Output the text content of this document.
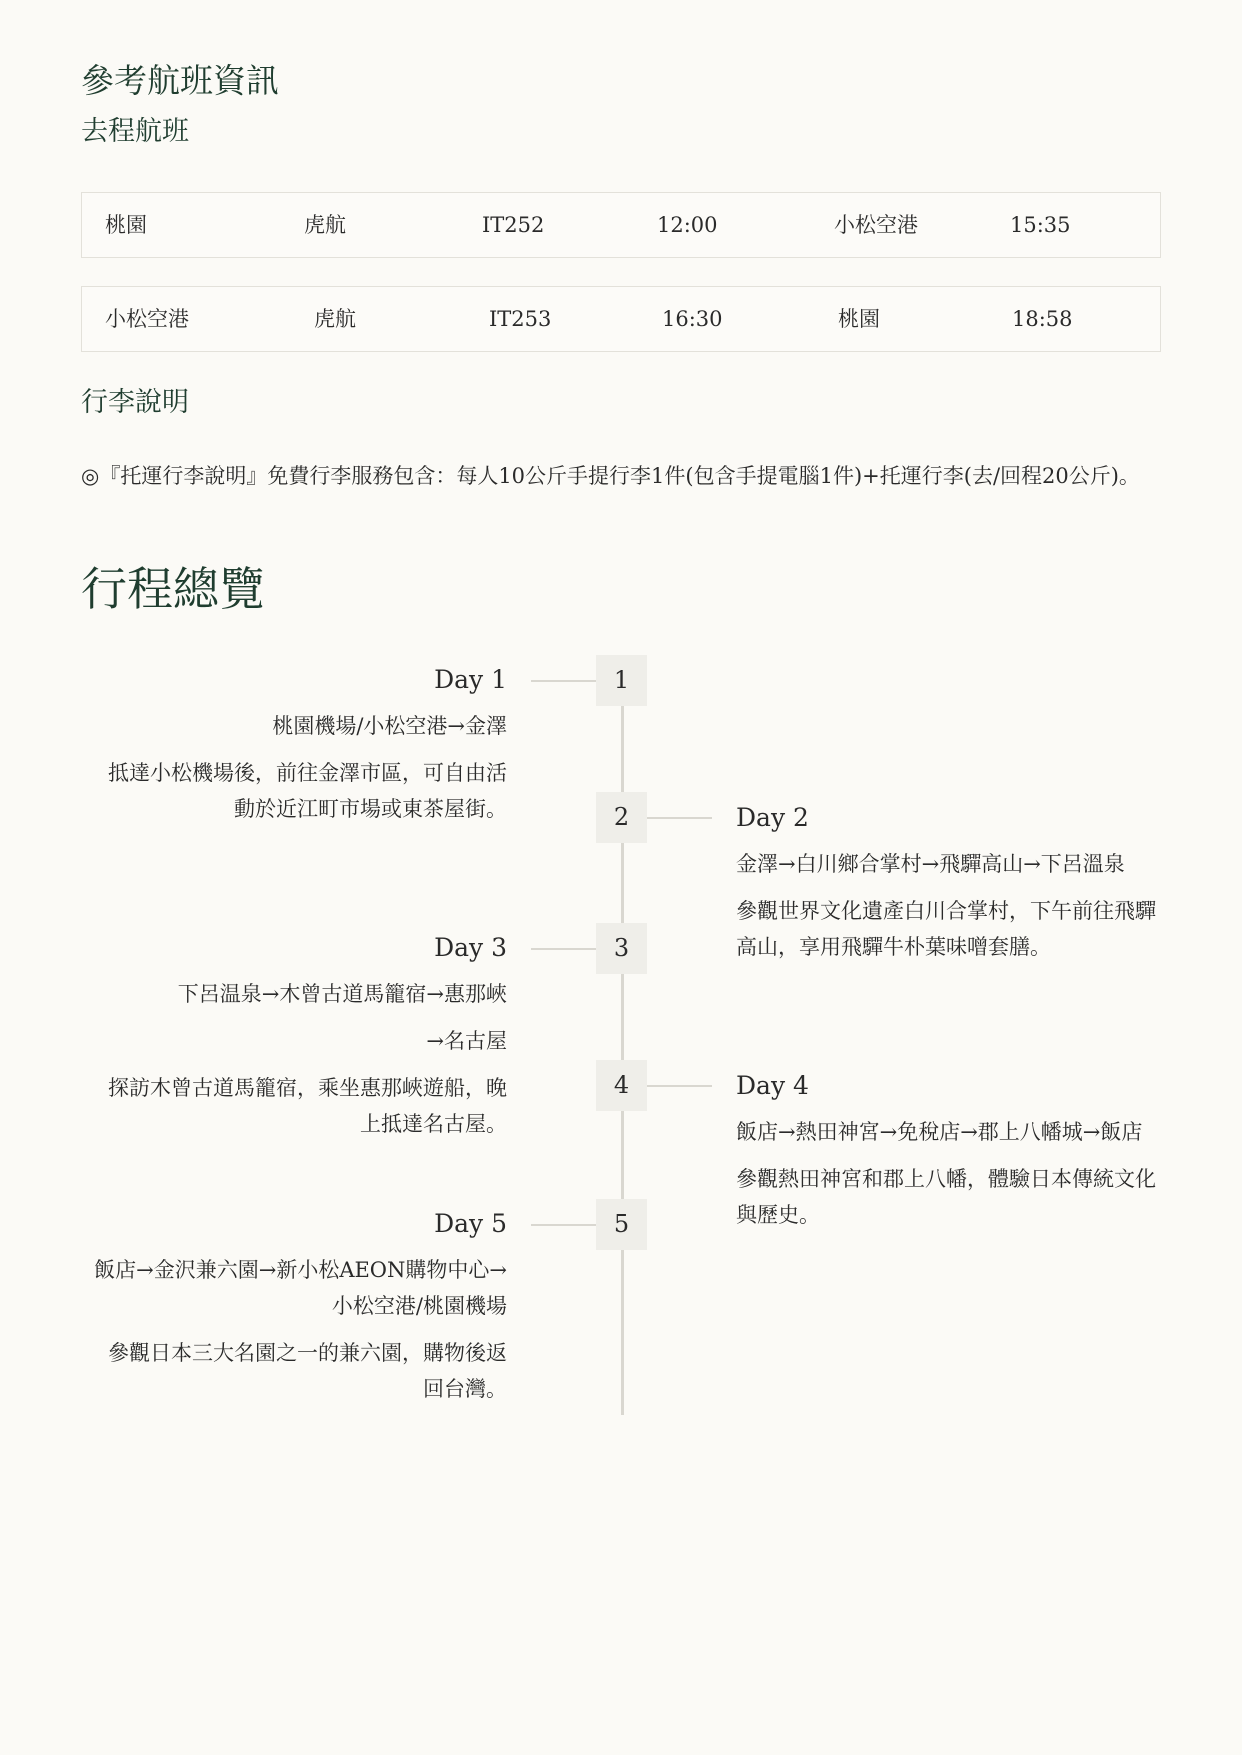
參考航班資訊
去程航班
桃園	虎航	IT252	12:00	小松空港	15:35
小松空港	虎航	IT253	16:30	桃園	18:58
行李說明

◎『托運行李說明』免費行李服務包含：每人10公斤手提行李1件(包含手提電腦1件)+托運行李(去/回程20公斤)。

行程總覽
1

Day 1

桃園機場/小松空港→金澤

抵達小松機場後，前往金澤市區，可自由活動於近江町市場或東茶屋街。	2	Day 2

金澤→白川鄉合掌村→飛驒高山→下呂溫泉

參觀世界文化遺產白川合掌村，下午前往飛驒高山，享用飛驒牛朴葉味噌套膳。

3

Day 3

下呂温泉→木曾古道馬籠宿→惠那峽

→名古屋

探訪木曾古道馬籠宿，乘坐惠那峽遊船，晚上抵達名古屋。

4	Day 4

飯店→熱田神宮→免稅店→郡上八幡城→飯店

參觀熱田神宮和郡上八幡，體驗日本傳統文化與歷史。

5

Day 5

飯店→金沢兼六園→新小松AEON購物中心→小松空港/桃園機場

參觀日本三大名園之一的兼六園，購物後返回台灣。
